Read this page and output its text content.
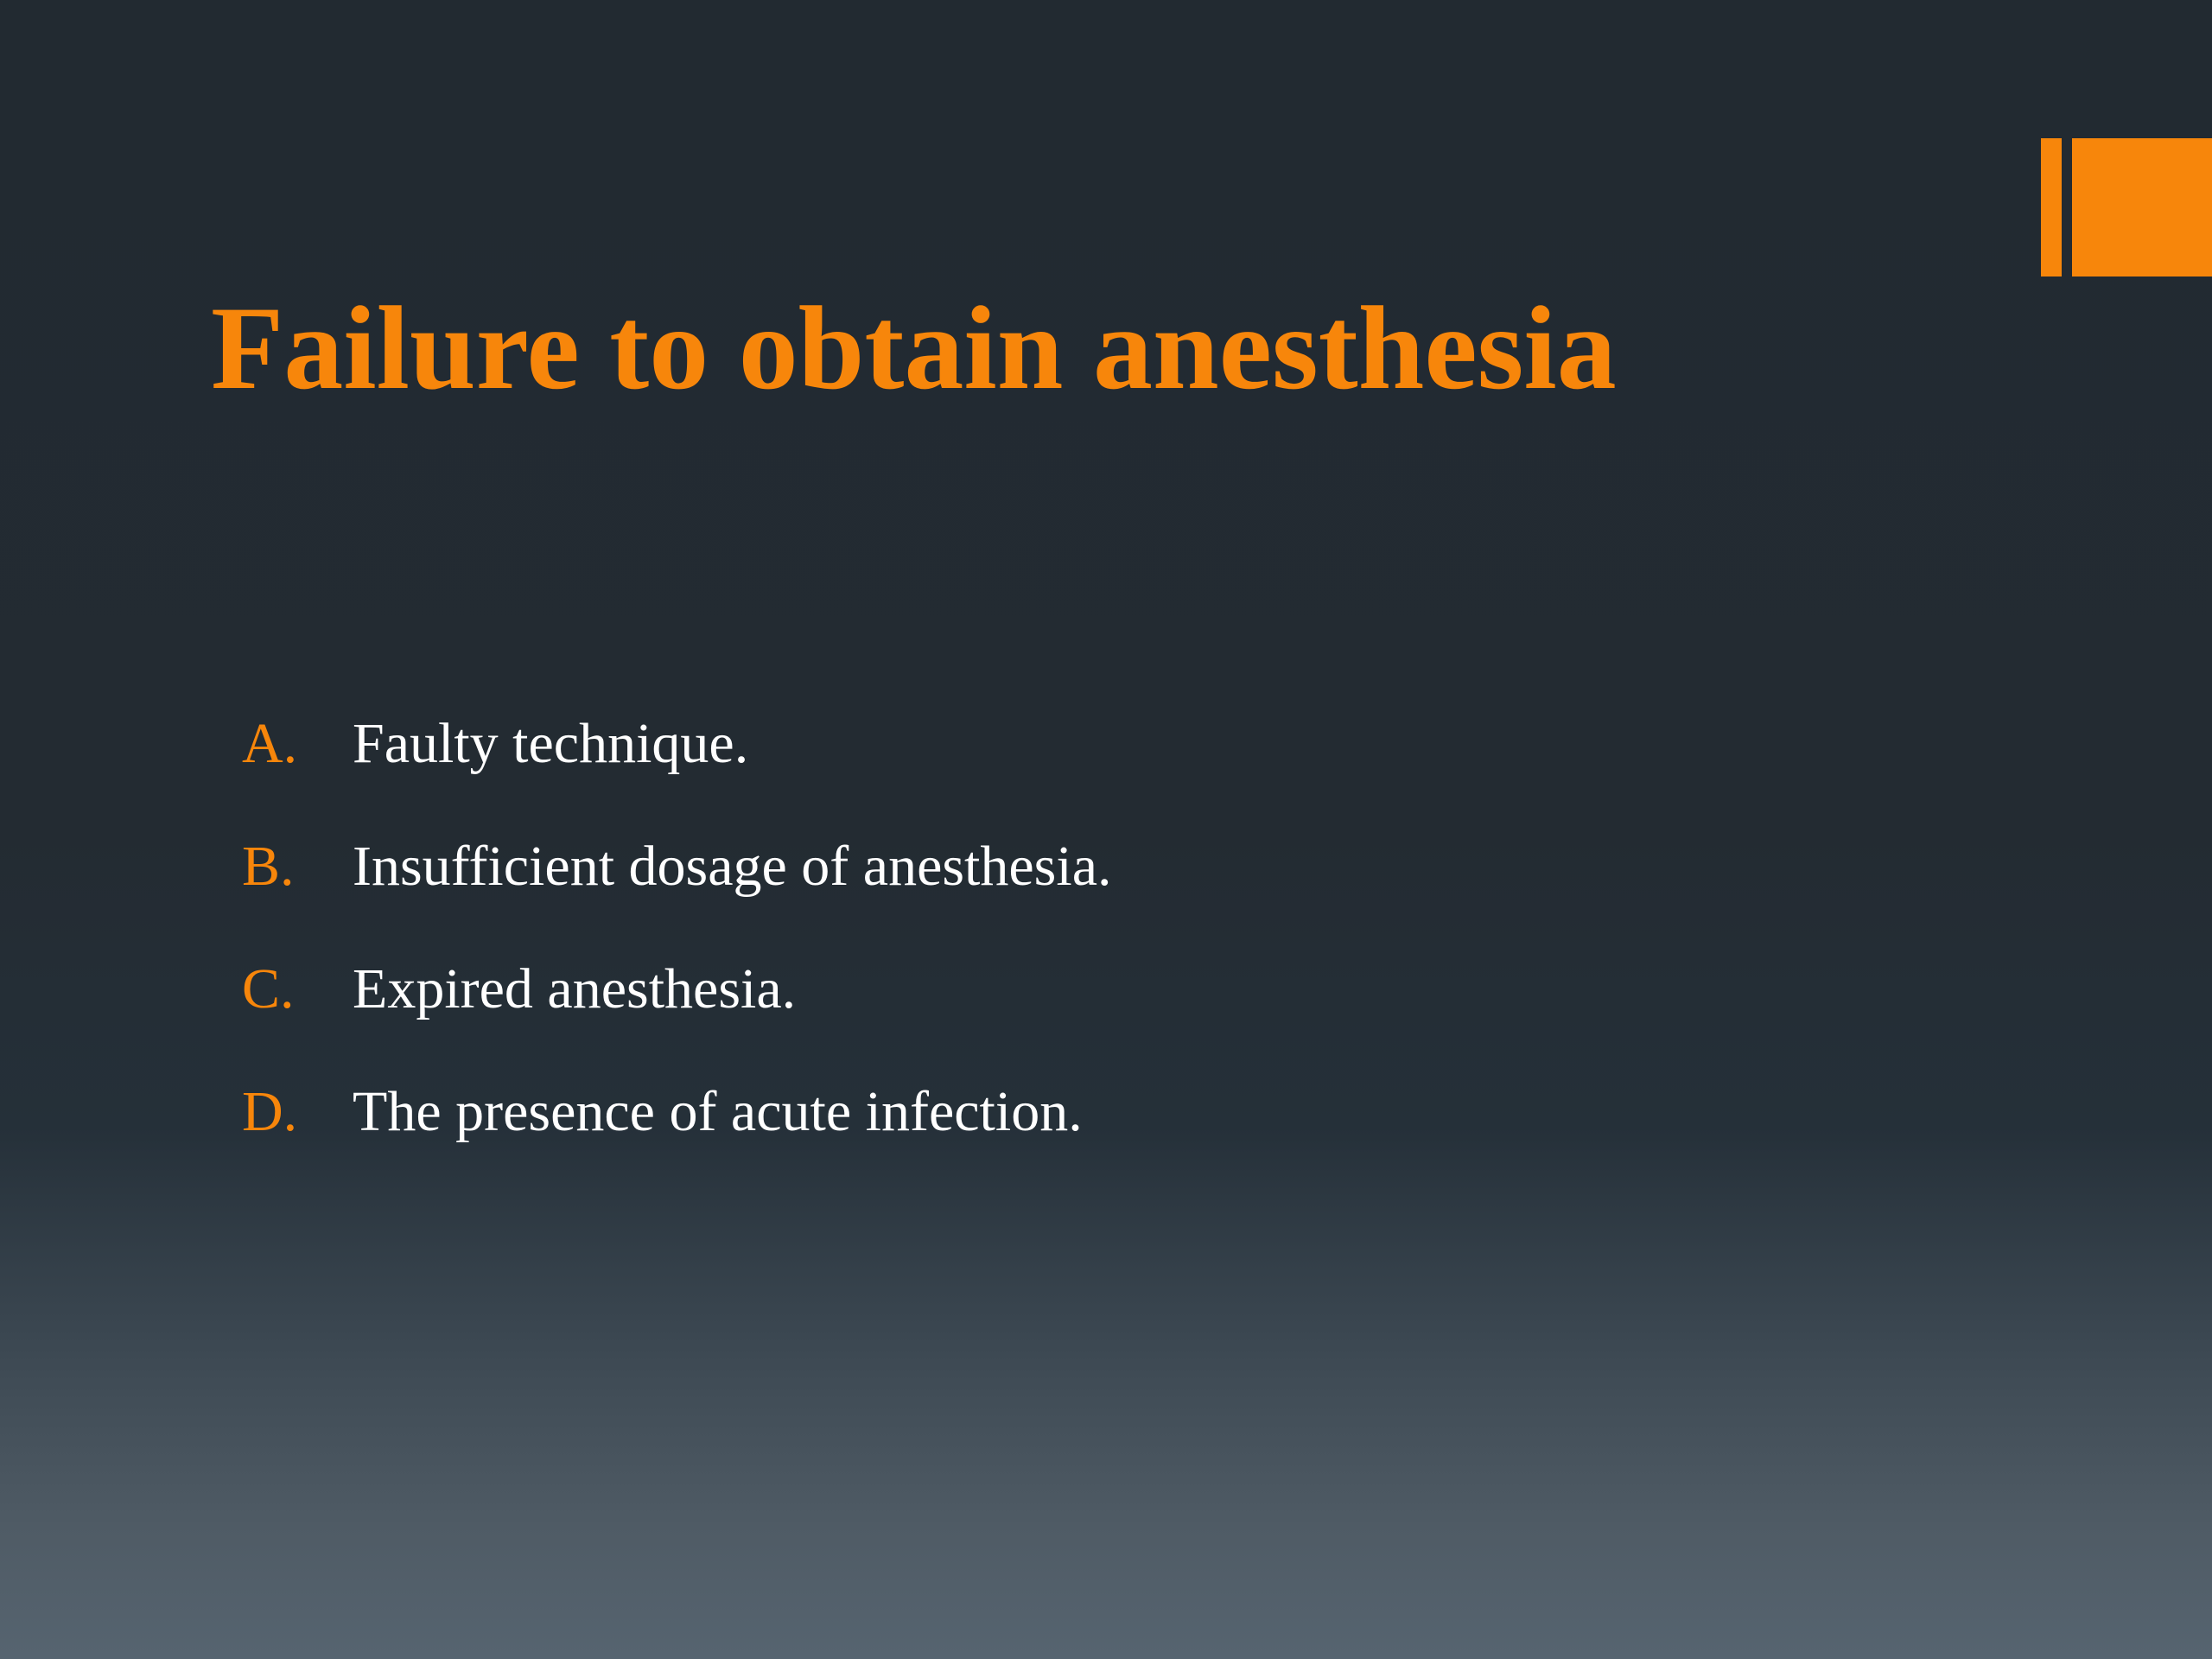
Failure to obtain anesthesia
A. Faulty technique.
B. Insufficient dosage of anesthesia.
C. Expired anesthesia.
D. The presence of acute infection.
